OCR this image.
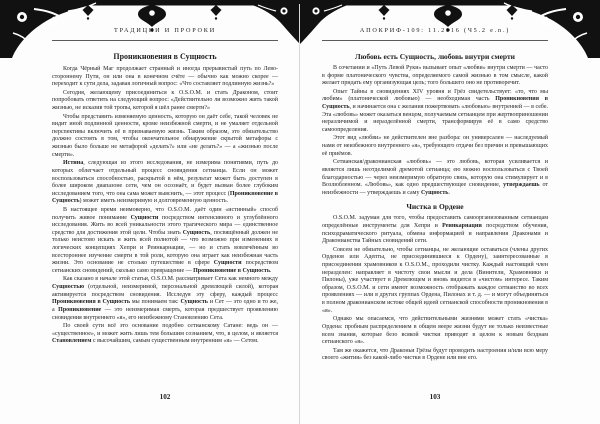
ТРАДИЦИИ И ПРОРОКИ
Проникновения в Сущность

Когда Чёрный Маг продолжает странный и иногда прерывистый путь по Лево-стороннему Пути, он или она в конечном счёте — обычно как можно скорее — переходит к сути дела, задавая логичный вопрос: «Что составляет подлинную жизнь?»

Сегодня, желающему присоединиться к O.S.O.M. и стать Драконом, стоит попробовать ответить на следующий вопрос: «Действительно ли возможно жить такой жизнью, не исказив той тропы, которой я шёл ранее смерти?»

Чтобы представить изменяемую ценность, которую он даёт себе, такой человек не видит иной подлинной ценности, кроме неизбежной смерти, и не умаляет отдельной перспективы включить её в признаваемую жизнь. Таким образом, это обязательство должно состоять в том, чтобы окончательное обнаружение скрытой метафоры с жизнью было больше не метафорой «делать?» или «не делать?» — а «жизнью после смерти».

Истина, следующая из этого исследования, не измерима понятиями, путь до которых облегчает отдельный процесс сновидения сетианца. Если он может воспользоваться способностью, раскрытой в нём, результат может быть доступен в более широком диапазоне сети, чем он осознаёт, и будет вызван более глубоким исследованием того, что она сама может выяснить, — этот процесс (Проникновение в Сущность) может иметь неизмеримую и долговременную ценность.

В настоящее время неимоверно, что O.S.O.M. даёт один «истинный» способ получить живое понимание Сущности посредством интенсивного и углублённого исследования. Жить во всей уникальности этого трагического мира — единственное средство для достижения этой цели. Чтобы знать Сущность, посвящённый должен не только неистово искать и жить всей полнотой — что возможно при изменениях в логических концепциях Хепри и Реинкарнации, — но и стать вовлечённым во всестороннее изучение смерти в той роли, которую она играет как неизбежная часть жизни. Это основание не столько путешествие в сфере Сущности посредством сетианских сновидений, сколько само превращение — Проникновение в Сущность.

Как сказано в начале этой статьи, O.S.O.M. рассматривает Сета как немного между Сущностью (отдельной, неизмеримой, персональной дремлющей силой), которая активируется посредством сновидения. Исследуя эту сферу, каждый процесс Проникновения в Сущность мы понимаем так: Сущность и Сет — это одно и то же, а Проникновение — это неизмеримая смерть, которая предшествует проявлению сновидения внутреннего «я», его неизбежному Становлению Сета.

По своей сути всё это основание подобно сетианскому Сатане: ведь он — «существенное», и может жить лишь тем большим сознанием, что, в целом, и является Становлением с высочайшим, самым существенным внутренним «я» — Сетом.

102
АПОКРИФ-109: 11.2016 (Ч5.2 e.n.)
Любовь есть Сущность, любовь внутри смерти

В сочетании и «Путь Левой Руки» вызывает опыт «любви» внутри смерти — часто в форме платонического чувства, определяемого самой жизнью в том смысле, какой желает придать ему организующая цель; того большего оно не противоречит.

Опыт Тайны в сновидениях XIV уровня и Грёз свидетельствует: «то, что мы любим» (платонической любовью) — необходимая часть Проникновения в Сущность, и начинается она с желания пожертвовать «любовью» внутренней — в себе. Эта «любовь» может оказаться венцом, получаемым сетианцем при жертвоприношении неразличимой и неразделённой смерти, трансформируя её в само средство самоопределения.

Этот вид «любви» не действителен вне разбора: он универсален — наследуемый нами от неизбежного внутреннего «я», требующего отдачи без причин и превышающих её приёмов.

Сетианская/драконианская «любовь» — это любовь, которая усиливается и является лишь неотделимой дремотой сетианца; ею можно воспользоваться с Твоей благодарностью — через неизмеримую обратную связь, которую она стимулирует и в Возлюбленном. «Любовь», как одно предшествующее сновидение, утверждаешь от неизбежности — утверждаешь и саму Сущность.

Чистка в Ордене

O.S.O.M. задуман для того, чтобы предоставить самоорганизованным сетианцам определённые инструменты для Хепри и Реинкарнации посредством обучения, психодраматического ритуала, обмена информацией и направления Драконами и Драконианства Тайных сновидений сети.

Совсем не обязательно, чтобы сетианцы, не желающие оставаться (члены других Орденов или Адепты, не присоединившиеся к Ордену), заинтересованные в присоединении храмовников к O.S.O.M., проходили чистку. Каждый настоящий член неразделен: направляет в чистоту свои мысли и дела (Винители, Храмовники и Пилоны), уже участвует в Дремлющем и вновь видится в «чистом» интересе. Таким образом, O.S.O.M. и сети имеют возможность отображать каждое сетианство во всех проявлениях — или в других группах Ордена, Пилонах и т. д. — и могут объединяться в полном драконианском истоке общей идеей сетианской способности проникновения в «я».

Однако мы опасаемся, что действительными жизнями может стать «чистка» Ордена: пробным распределением в общем веере жизни будут не только неизвестные всем знания, которые безо всякой чистки приводят в целом к новым безднам сетианского «я».

Там же окажется, что Драконьи Грёзы будут проводить настроения и/или всю меру своего «жития» без какой-либо чистки в Ордене или вне его.

103
